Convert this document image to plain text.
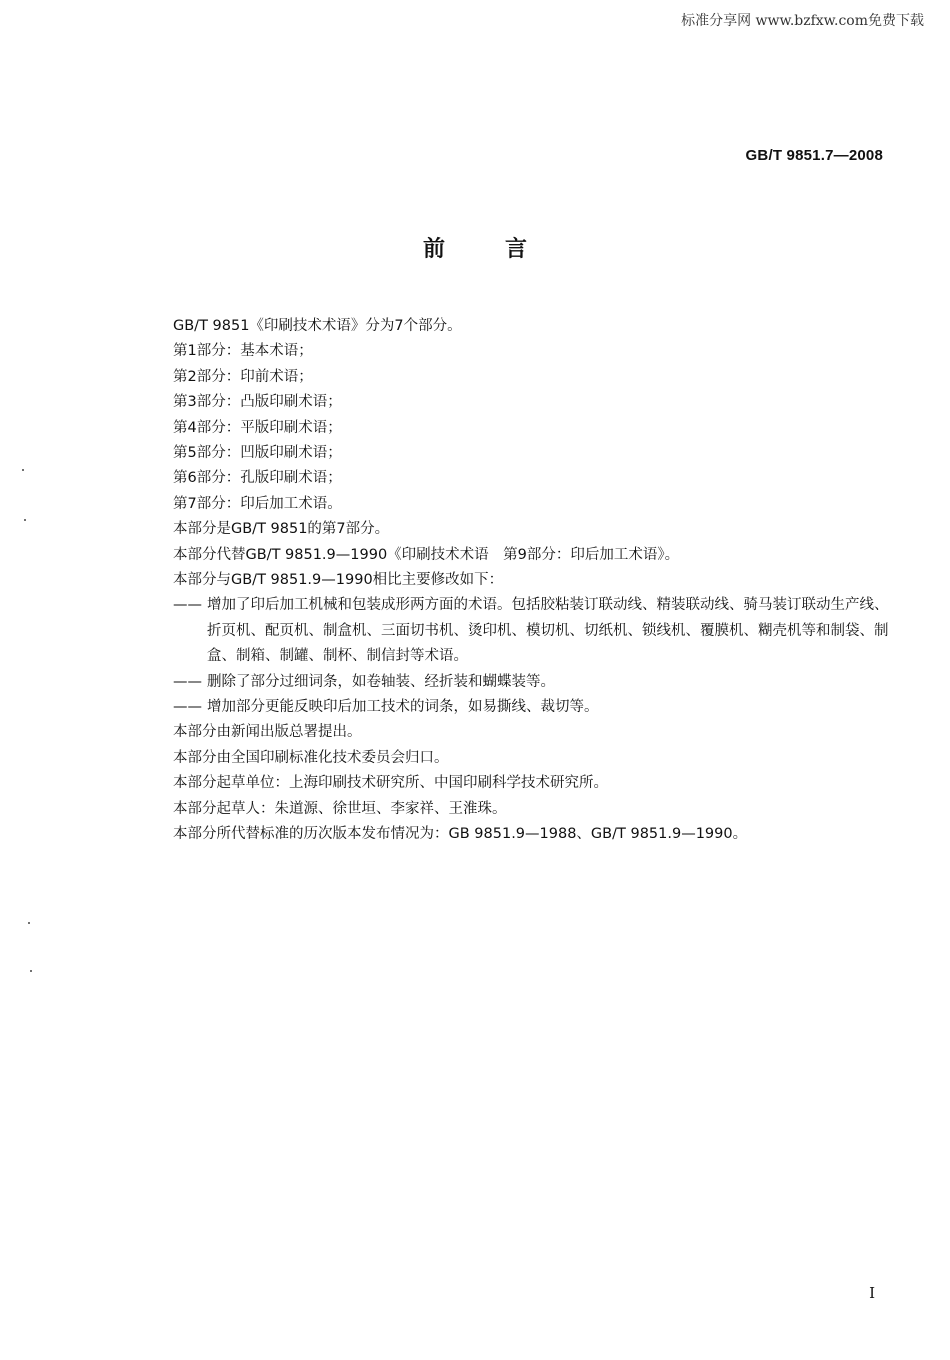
标准分享网 www.bzfxw.com免费下载
GB/T 9851.7—2008
前言
GB/T 9851《印刷技术术语》分为7个部分。
第1部分：基本术语；
第2部分：印前术语；
第3部分：凸版印刷术语；
第4部分：平版印刷术语；
第5部分：凹版印刷术语；
第6部分：孔版印刷术语；
第7部分：印后加工术语。
本部分是GB/T 9851的第7部分。
本部分代替GB/T 9851.9—1990《印刷技术术语　第9部分：印后加工术语》。
本部分与GB/T 9851.9—1990相比主要修改如下：
—— 增加了印后加工机械和包装成形两方面的术语。包括胶粘装订联动线、精装联动线、骑马装订联动生产线、折页机、配页机、制盒机、三面切书机、烫印机、模切机、切纸机、锁线机、覆膜机、糊壳机等和制袋、制盒、制箱、制罐、制杯、制信封等术语。
—— 删除了部分过细词条，如卷轴装、经折装和蝴蝶装等。
—— 增加部分更能反映印后加工技术的词条，如易撕线、裁切等。
本部分由新闻出版总署提出。
本部分由全国印刷标准化技术委员会归口。
本部分起草单位：上海印刷技术研究所、中国印刷科学技术研究所。
本部分起草人：朱道源、徐世垣、李家祥、王淮珠。
本部分所代替标准的历次版本发布情况为：GB 9851.9—1988、GB/T 9851.9—1990。
I
